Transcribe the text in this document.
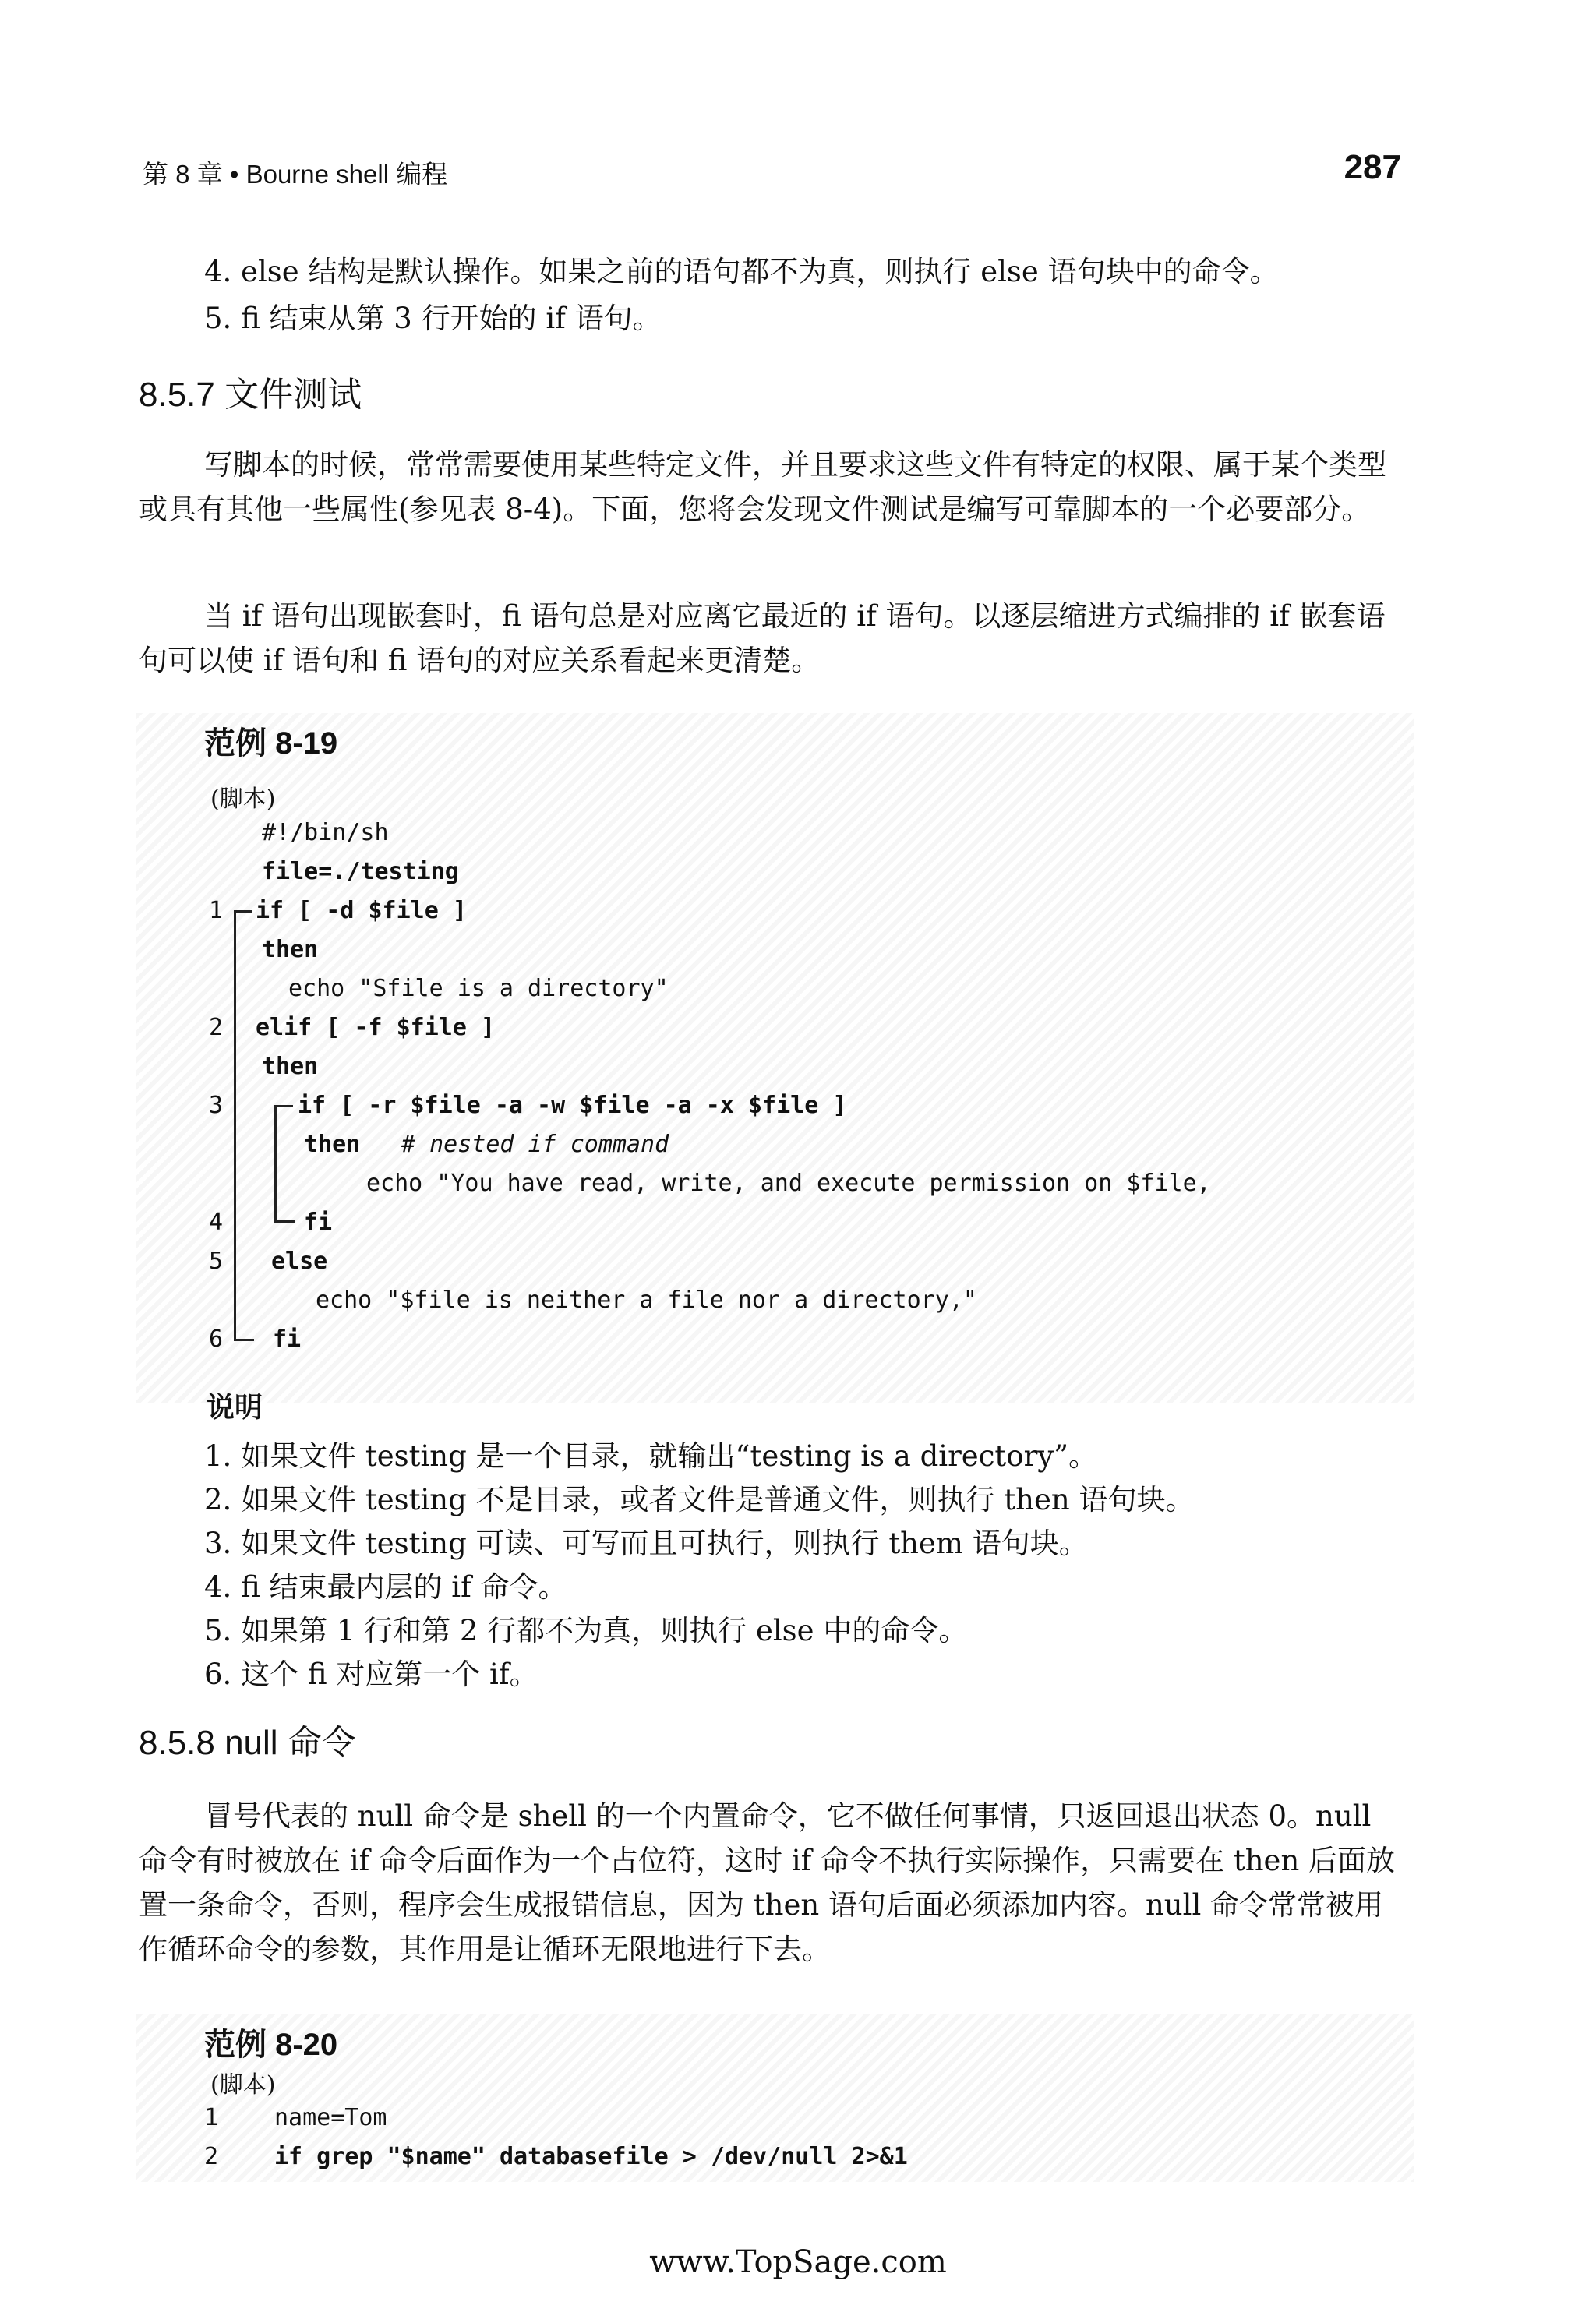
第 8 章 • Bourne shell 编程	287
4. else 结构是默认操作。如果之前的语句都不为真，则执行 else 语句块中的命令。
5. fi 结束从第 3 行开始的 if 语句。
8.5.7 文件测试
写脚本的时候，常常需要使用某些特定文件，并且要求这些文件有特定的权限、属于某个类型或具有其他一些属性(参见表 8-4)。下面，您将会发现文件测试是编写可靠脚本的一个必要部分。
当 if 语句出现嵌套时，fi 语句总是对应离它最近的 if 语句。以逐层缩进方式编排的 if 嵌套语句可以使 if 语句和 fi 语句的对应关系看起来更清楚。
范例 8-19
(脚本)
#!/bin/sh
file=./testing
1 if [ -d $file ]
then
echo "Sfile is a directory"
2 elif [ -f $file ]
then
3	if [ -r $file -a -w $file -a -x $file ]
then # nested if command
echo "You have read, write, and execute permission on $file,
4	fi
5 else
echo "$file is neither a file nor a directory,"
6 fi
说明
1. 如果文件 testing 是一个目录，就输出“testing is a directory”。
2. 如果文件 testing 不是目录，或者文件是普通文件，则执行 then 语句块。
3. 如果文件 testing 可读、可写而且可执行，则执行 them 语句块。
4. fi 结束最内层的 if 命令。
5. 如果第 1 行和第 2 行都不为真，则执行 else 中的命令。
6. 这个 fi 对应第一个 if。
8.5.8 null 命令
冒号代表的 null 命令是 shell 的一个内置命令，它不做任何事情，只返回退出状态 0。null 命令有时被放在 if 命令后面作为一个占位符，这时 if 命令不执行实际操作，只需要在 then 后面放置一条命令，否则，程序会生成报错信息，因为 then 语句后面必须添加内容。null 命令常常被用作循环命令的参数，其作用是让循环无限地进行下去。
范例 8-20
(脚本)
1 name=Tom
2 if grep "$name" databasefile > /dev/null 2>&1
www.TopSage.com
